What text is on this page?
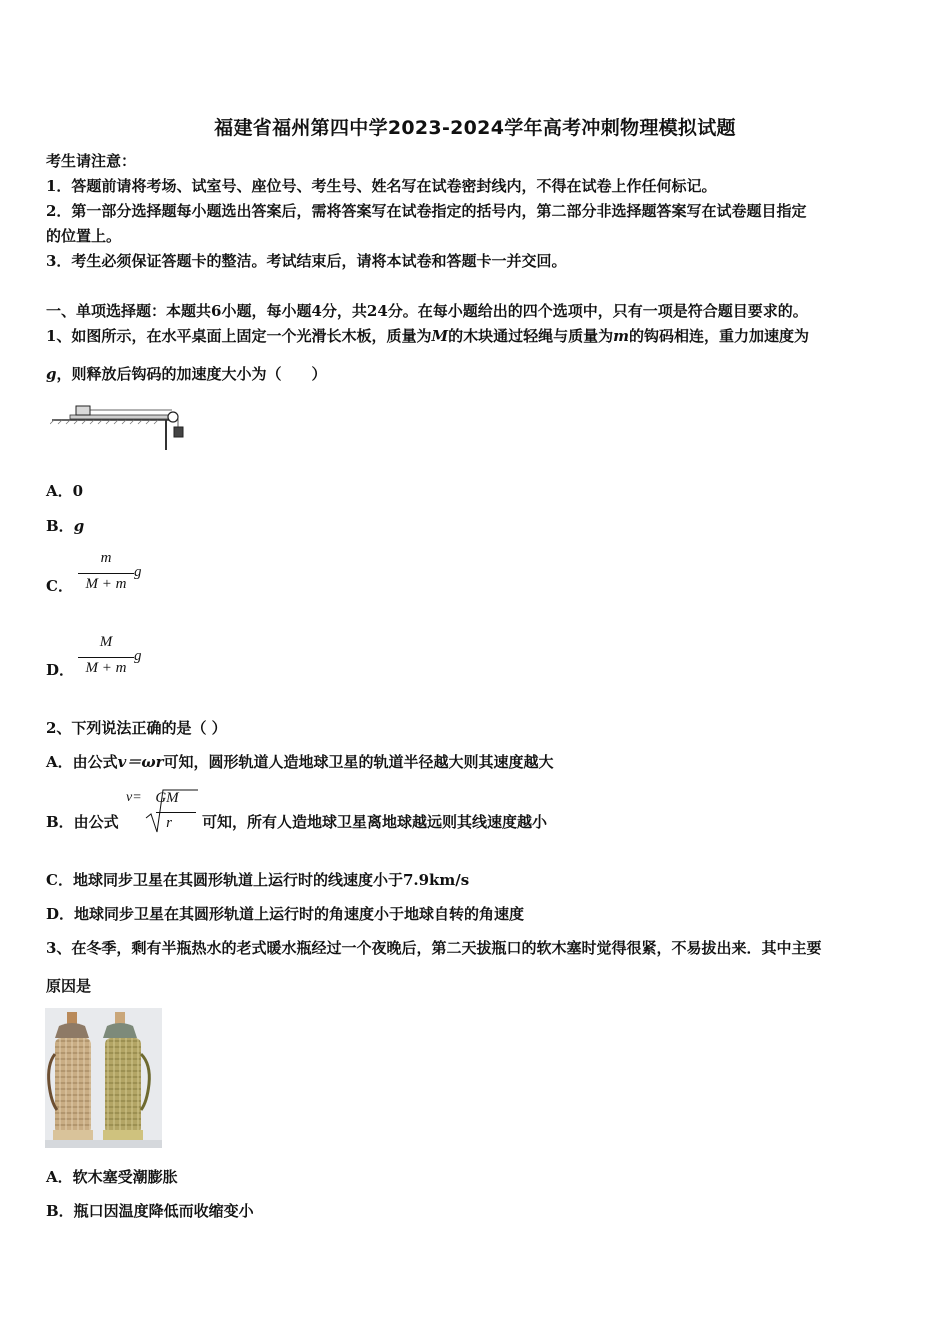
福建省福州第四中学2023-2024学年高考冲刺物理模拟试题
考生请注意：
1．答题前请将考场、试室号、座位号、考生号、姓名写在试卷密封线内，不得在试卷上作任何标记。
2．第一部分选择题每小题选出答案后，需将答案写在试卷指定的括号内，第二部分非选择题答案写在试卷题目指定
的位置上。
3．考生必须保证答题卡的整洁。考试结束后，请将本试卷和答题卡一并交回。
一、单项选择题：本题共6小题，每小题4分，共24分。在每小题给出的四个选项中，只有一项是符合题目要求的。
1、如图所示，在水平桌面上固定一个光滑长木板，质量为M的木块通过轻绳与质量为m的钩码相连，重力加速度为
g，则释放后钩码的加速度大小为（　　）
A．0
B．g
C．
m
M + m
g
D．
M
M + m
g
2、下列说法正确的是（ ）
A．由公式v＝ωr可知，圆形轨道人造地球卫星的轨道半径越大则其速度越大
B．由公式
v= GM
r	可知，所有人造地球卫星离地球越远则其线速度越小
C．地球同步卫星在其圆形轨道上运行时的线速度小于7.9km/s
D．地球同步卫星在其圆形轨道上运行时的角速度小于地球自转的角速度
3、在冬季，剩有半瓶热水的老式暖水瓶经过一个夜晚后，第二天拔瓶口的软木塞时觉得很紧，不易拔出来．其中主要
原因是
A．软木塞受潮膨胀
B．瓶口因温度降低而收缩变小
